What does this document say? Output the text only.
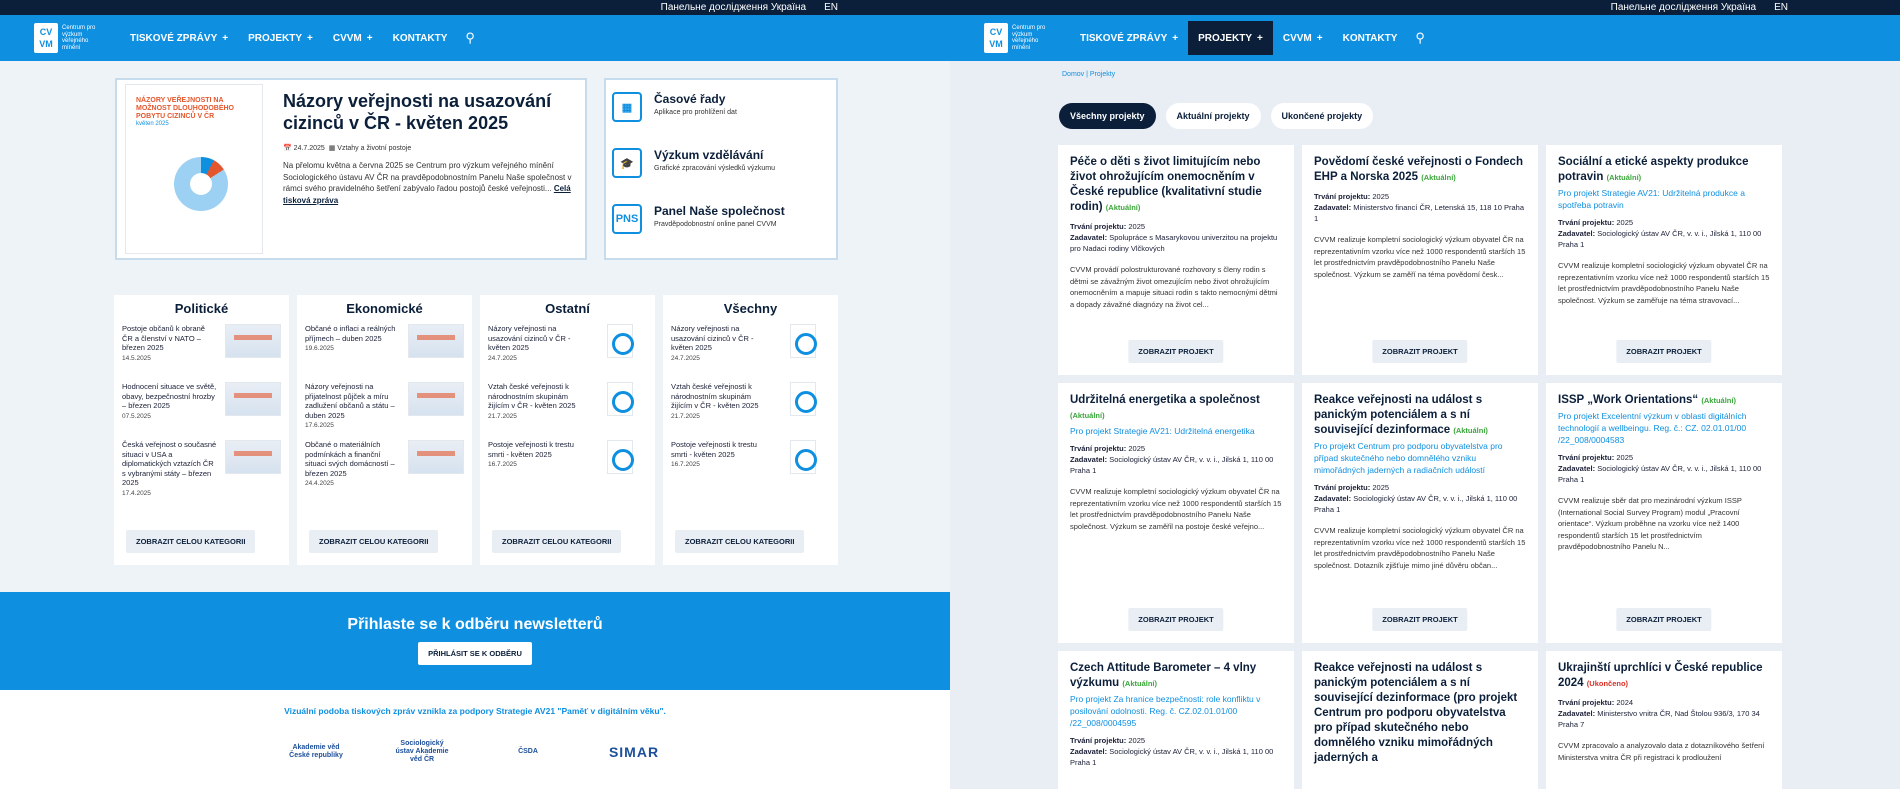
Панельне дослідження Україна EN
CV VM
Centrum pro výzkum veřejného mínění
TISKOVÉ ZPRÁVY + PROJEKTY + CVVM + KONTAKTY ⚲
NÁZORY VEŘEJNOSTI NA MOŽNOST DLOUHODOBÉHO POBYTU CIZINCŮ V ČR
květen 2025
Názory veřejnosti na usazování cizinců v ČR - květen 2025
📅 24.7.2025  ▦ Vztahy a životní postoje

Na přelomu května a června 2025 se Centrum pro výzkum veřejného mínění Sociologického ústavu AV ČR na pravděpodobnostním Panelu Naše společnost v rámci svého pravidelného šetření zabývalo řadou postojů české veřejnosti... Celá tisková zpráva

▦
Časové řady
Aplikace pro prohlížení dat
🎓
Výzkum vzdělávání
Grafické zpracování výsledků výzkumu
PNS
Panel Naše společnost
Pravděpodobnostní online panel CVVM
Politické
Postoje občanů k obraně ČR a členství v NATO – březen 2025
14.5.2025
Hodnocení situace ve světě, obavy, bezpečnostní hrozby – březen 2025
07.5.2025
Česká veřejnost o současné situaci v USA a diplomatických vztazích ČR s vybranými státy – březen 2025
17.4.2025
ZOBRAZIT CELOU KATEGORII
Ekonomické
Občané o inflaci a reálných příjmech – duben 2025
19.6.2025
Názory veřejnosti na přijatelnost půjček a míru zadlužení občanů a státu – duben 2025
17.6.2025
Občané o materiálních podmínkách a finanční situaci svých domácností – březen 2025
24.4.2025
ZOBRAZIT CELOU KATEGORII
Ostatní
Názory veřejnosti na usazování cizinců v ČR - květen 2025
24.7.2025
Vztah české veřejnosti k národnostním skupinám žijícím v ČR - květen 2025
21.7.2025
Postoje veřejnosti k trestu smrti - květen 2025
16.7.2025
ZOBRAZIT CELOU KATEGORII
Všechny
Názory veřejnosti na usazování cizinců v ČR - květen 2025
24.7.2025
Vztah české veřejnosti k národnostním skupinám žijícím v ČR - květen 2025
21.7.2025
Postoje veřejnosti k trestu smrti - květen 2025
16.7.2025
ZOBRAZIT CELOU KATEGORII
Přihlaste se k odběru newsletterů
PŘIHLÁSIT SE K ODBĚRU

Vizuální podoba tiskových zpráv vznikla za podpory Strategie AV21 "Paměť v digitálním věku".

Akademie věd České republiky
Sociologický ústav Akademie věd ČR
ČSDA	SIMAR
Панельне дослідження Україна EN
CV VM
Centrum pro výzkum veřejného mínění
TISKOVÉ ZPRÁVY + PROJEKTY + CVVM + KONTAKTY ⚲
Domov | Projekty
Všechny projekty	Aktuální projekty	Ukončené projekty
Péče o děti s život limitujícím nebo život ohrožujícím onemocněním v České republice (kvalitativní studie rodin) (Aktuální)
Trvání projektu: 2025
Zadavatel: Spolupráce s Masarykovou univerzitou na projektu pro Nadaci rodiny Vlčkových
CVVM provádí polostrukturované rozhovory s členy rodin s dětmi se závažným život omezujícím nebo život ohrožujícím onemocněním a mapuje situaci rodin s takto nemocnými dětmi a dopady závažné diagnózy na život cel...
ZOBRAZIT PROJEKT
Povědomí české veřejnosti o Fondech EHP a Norska 2025 (Aktuální)
Trvání projektu: 2025
Zadavatel: Ministerstvo financí ČR, Letenská 15, 118 10 Praha 1
CVVM realizuje kompletní sociologický výzkum obyvatel ČR na reprezentativním vzorku více než 1000 respondentů starších 15 let prostřednictvím pravděpodobnostního Panelu Naše společnost. Výzkum se zaměří na téma povědomí česk...
ZOBRAZIT PROJEKT
Sociální a etické aspekty produkce potravin (Aktuální)
Pro projekt Strategie AV21: Udržitelná produkce a spotřeba potravin
Trvání projektu: 2025
Zadavatel: Sociologický ústav AV ČR, v. v. i., Jilská 1, 110 00 Praha 1
CVVM realizuje kompletní sociologický výzkum obyvatel ČR na reprezentativním vzorku více než 1000 respondentů starších 15 let prostřednictvím pravděpodobnostního Panelu Naše společnost. Výzkum se zaměřuje na téma stravovací...
ZOBRAZIT PROJEKT
Udržitelná energetika a společnost (Aktuální)
Pro projekt Strategie AV21: Udržitelná energetika
Trvání projektu: 2025
Zadavatel: Sociologický ústav AV ČR, v. v. i., Jilská 1, 110 00 Praha 1
CVVM realizuje kompletní sociologický výzkum obyvatel ČR na reprezentativním vzorku více než 1000 respondentů starších 15 let prostřednictvím pravděpodobnostního Panelu Naše společnost. Výzkum se zaměřil na postoje české veřejno...
ZOBRAZIT PROJEKT
Reakce veřejnosti na událost s panickým potenciálem a s ní související dezinformace (Aktuální)
Pro projekt Centrum pro podporu obyvatelstva pro případ skutečného nebo domnělého vzniku mimořádných jaderných a radiačních událostí
Trvání projektu: 2025
Zadavatel: Sociologický ústav AV ČR, v. v. i., Jilská 1, 110 00 Praha 1
CVVM realizuje kompletní sociologický výzkum obyvatel ČR na reprezentativním vzorku více než 1000 respondentů starších 15 let prostřednictvím pravděpodobnostního Panelu Naše společnost. Dotazník zjišťuje mimo jiné důvěru občan...
ZOBRAZIT PROJEKT
ISSP „Work Orientations“ (Aktuální)
Pro projekt Excelentní výzkum v oblasti digitálních technologií a wellbeingu. Reg. č.: CZ. 02.01.01/00 /22_008/0004583
Trvání projektu: 2025
Zadavatel: Sociologický ústav AV ČR, v. v. i., Jilská 1, 110 00 Praha 1
CVVM realizuje sběr dat pro mezinárodní výzkum ISSP (International Social Survey Program) modul „Pracovní orientace“. Výzkum proběhne na vzorku více než 1400 respondentů starších 15 let prostřednictvím pravděpodobnostního Panelu N...
ZOBRAZIT PROJEKT
Czech Attitude Barometer – 4 vlny výzkumu (Aktuální)
Pro projekt Za hranice bezpečnosti: role konfliktu v posilování odolnosti. Reg. č. CZ.02.01.01/00 /22_008/0004595
Trvání projektu: 2025
Zadavatel: Sociologický ústav AV ČR, v. v. i., Jilská 1, 110 00 Praha 1
Reakce veřejnosti na událost s panickým potenciálem a s ní související dezinformace (pro projekt Centrum pro podporu obyvatelstva pro případ skutečného nebo domnělého vzniku mimořádných jaderných a
Ukrajinští uprchlíci v České republice 2024 (Ukončeno)
Trvání projektu: 2024
Zadavatel: Ministerstvo vnitra ČR, Nad Štolou 936/3, 170 34 Praha 7
CVVM zpracovalo a analyzovalo data z dotazníkového šetření Ministerstva vnitra ČR při registraci k prodloužení
